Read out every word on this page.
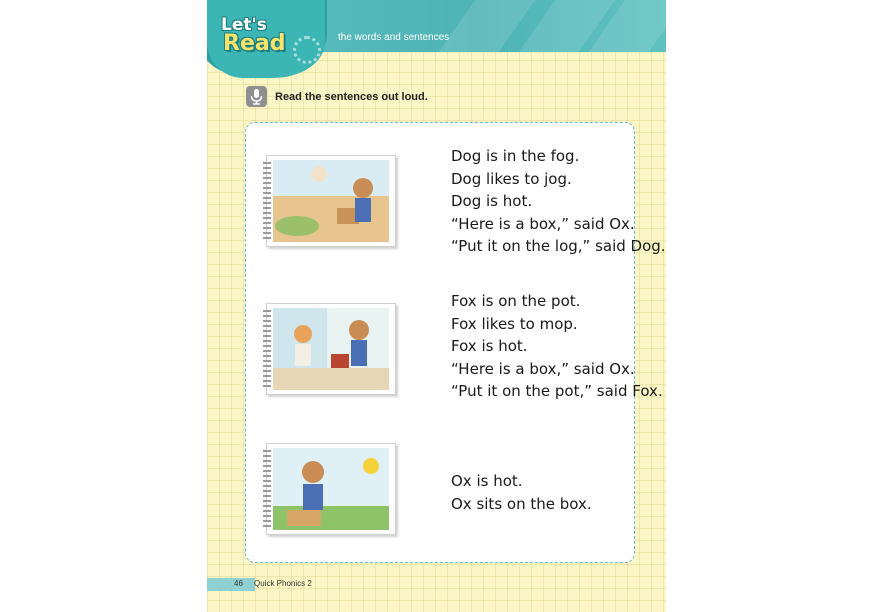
the words and sentences
Let's
Read
Read the sentences out loud.
Dog is in the fog.
Dog likes to jog.
Dog is hot.
“Here is a box,” said Ox.
“Put it on the log,” said Dog.
Fox is on the pot.
Fox likes to mop.
Fox is hot.
“Here is a box,” said Ox.
“Put it on the pot,” said Fox.
Ox is hot.
Ox sits on the box.
46 Quick Phonics 2
